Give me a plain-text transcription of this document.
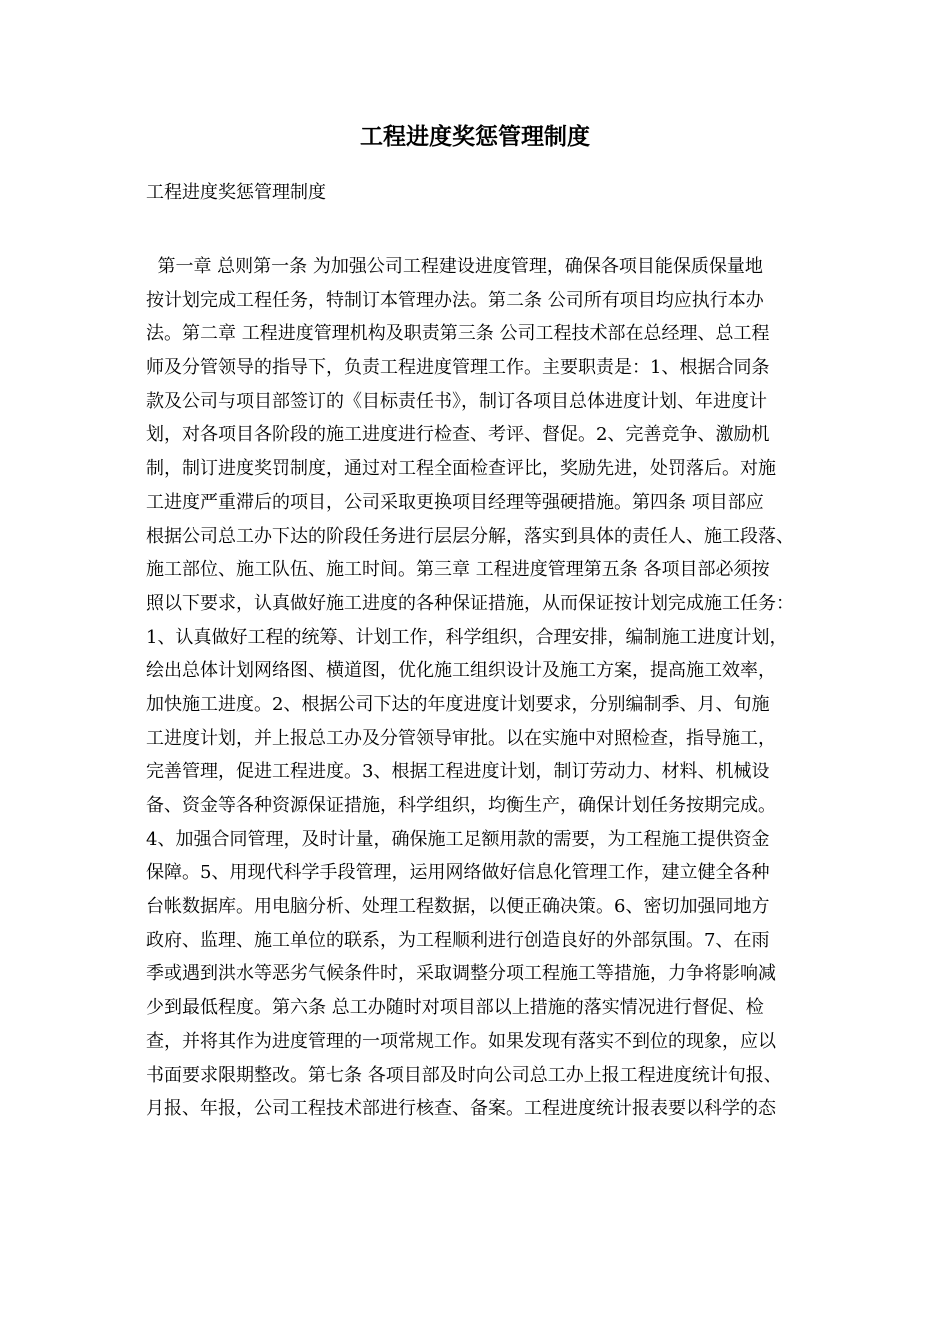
工程进度奖惩管理制度

工程进度奖惩管理制度

第一章 总则第一条 为加强公司工程建设进度管理，确保各项目能保质保量地
按计划完成工程任务，特制订本管理办法。第二条 公司所有项目均应执行本办
法。第二章 工程进度管理机构及职责第三条 公司工程技术部在总经理、总工程
师及分管领导的指导下，负责工程进度管理工作。主要职责是：1、根据合同条
款及公司与项目部签订的《目标责任书》，制订各项目总体进度计划、年进度计
划，对各项目各阶段的施工进度进行检查、考评、督促。2、完善竞争、激励机
制，制订进度奖罚制度，通过对工程全面检查评比，奖励先进，处罚落后。对施
工进度严重滞后的项目，公司采取更换项目经理等强硬措施。第四条 项目部应
根据公司总工办下达的阶段任务进行层层分解，落实到具体的责任人、施工段落、
施工部位、施工队伍、施工时间。第三章 工程进度管理第五条 各项目部必须按
照以下要求，认真做好施工进度的各种保证措施，从而保证按计划完成施工任务：
1、认真做好工程的统筹、计划工作，科学组织，合理安排，编制施工进度计划，
绘出总体计划网络图、横道图，优化施工组织设计及施工方案，提高施工效率，
加快施工进度。2、根据公司下达的年度进度计划要求，分别编制季、月、旬施
工进度计划，并上报总工办及分管领导审批。以在实施中对照检查，指导施工，
完善管理，促进工程进度。3、根据工程进度计划，制订劳动力、材料、机械设
备、资金等各种资源保证措施，科学组织，均衡生产，确保计划任务按期完成。
4、加强合同管理，及时计量，确保施工足额用款的需要，为工程施工提供资金
保障。5、用现代科学手段管理，运用网络做好信息化管理工作，建立健全各种
台帐数据库。用电脑分析、处理工程数据，以便正确决策。6、密切加强同地方
政府、监理、施工单位的联系，为工程顺利进行创造良好的外部氛围。7、在雨
季或遇到洪水等恶劣气候条件时，采取调整分项工程施工等措施，力争将影响减
少到最低程度。第六条 总工办随时对项目部以上措施的落实情况进行督促、检
查，并将其作为进度管理的一项常规工作。如果发现有落实不到位的现象，应以
书面要求限期整改。第七条 各项目部及时向公司总工办上报工程进度统计旬报、
月报、年报，公司工程技术部进行核查、备案。工程进度统计报表要以科学的态
